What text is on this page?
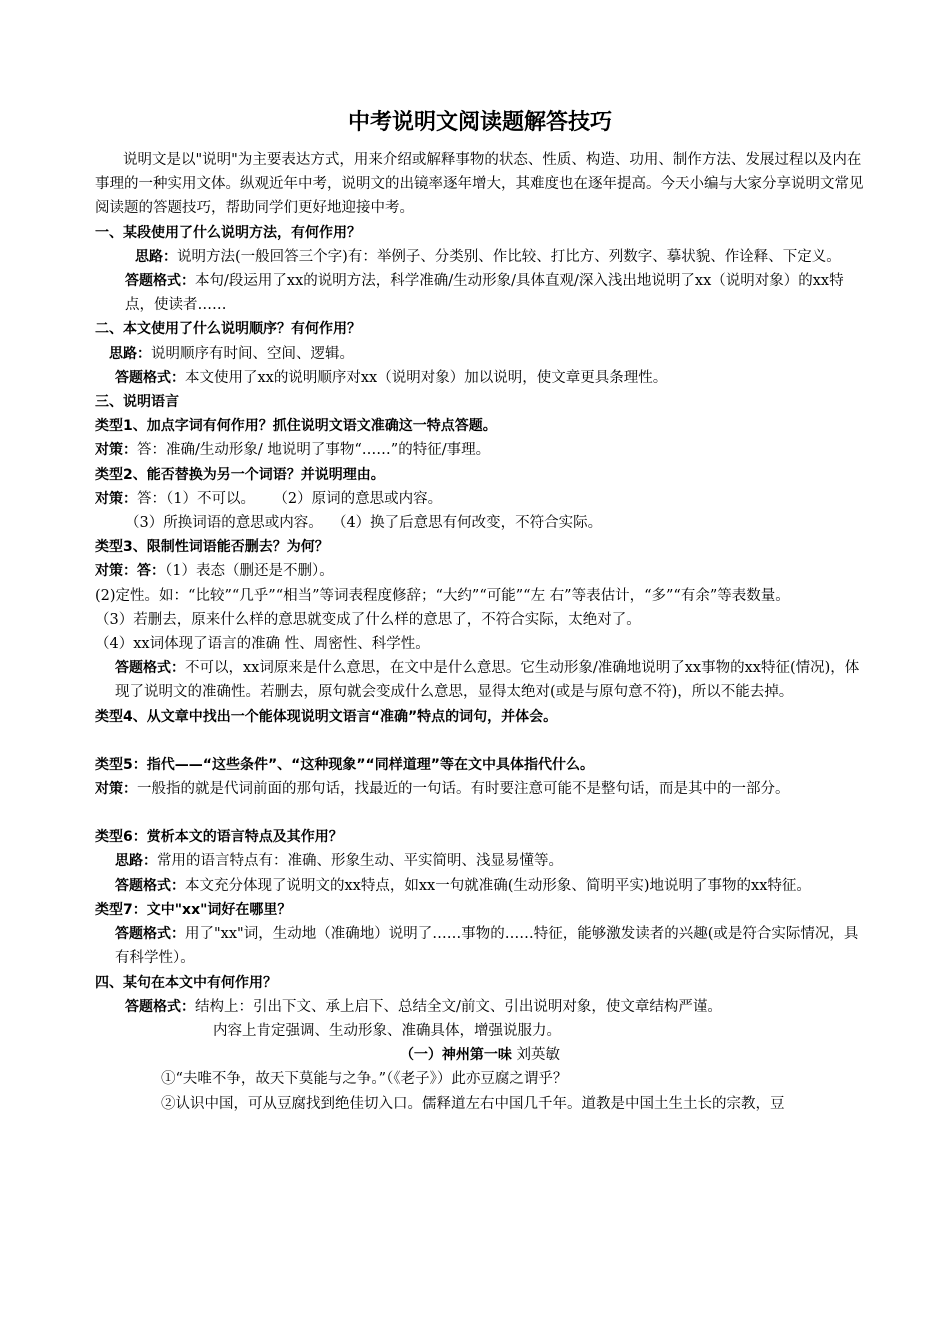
中考说明文阅读题解答技巧

说明文是以"说明"为主要表达方式，用来介绍或解释事物的状态、性质、构造、功用、制作方法、发展过程以及内在事理的一种实用文体。纵观近年中考，说明文的出镜率逐年增大，其难度也在逐年提高。今天小编与大家分享说明文常见阅读题的答题技巧，帮助同学们更好地迎接中考。

一、某段使用了什么说明方法，有何作用？

思路：说明方法(一般回答三个字)有：举例子、分类别、作比较、打比方、列数字、摹状貌、作诠释、下定义。

答题格式：本句/段运用了xx的说明方法，科学准确/生动形象/具体直观/深入浅出地说明了xx（说明对象）的xx特点，使读者……

二、本文使用了什么说明顺序？有何作用？

思路：说明顺序有时间、空间、逻辑。

答题格式：本文使用了xx的说明顺序对xx（说明对象）加以说明，使文章更具条理性。

三、说明语言

类型1、加点字词有何作用？抓住说明文语文准确这一特点答题。

对策：答：准确/生动形象/ 地说明了事物“……”的特征/事理。

类型2、能否替换为另一个词语？并说明理由。

对策：答：（1）不可以。    （2）原词的意思或内容。

（3）所换词语的意思或内容。  （4）换了后意思有何改变，不符合实际。

类型3、限制性词语能否删去？为何？

对策：答：（1）表态（删还是不删）。

(2)定性。如：“比较”“几乎”“相当”等词表程度修辞；“大约”“可能”“左 右”等表估计，“多”“有余”等表数量。

（3）若删去，原来什么样的意思就变成了什么样的意思了，不符合实际，太绝对了。

（4）xx词体现了语言的准确 性、周密性、科学性。

答题格式：不可以，xx词原来是什么意思，在文中是什么意思。它生动形象/准确地说明了xx事物的xx特征(情况)，体现了说明文的准确性。若删去，原句就会变成什么意思，显得太绝对(或是与原句意不符)，所以不能去掉。

类型4、从文章中找出一个能体现说明文语言“准确”特点的词句，并体会。

类型5：指代——“这些条件”、“这种现象”“同样道理”等在文中具体指代什么。

对策：一般指的就是代词前面的那句话，找最近的一句话。有时要注意可能不是整句话，而是其中的一部分。

类型6：赏析本文的语言特点及其作用？

思路：常用的语言特点有：准确、形象生动、平实简明、浅显易懂等。

答题格式：本文充分体现了说明文的xx特点，如xx一句就准确(生动形象、简明平实)地说明了事物的xx特征。

类型7：文中"xx"词好在哪里？

答题格式：用了"xx"词，生动地（准确地）说明了……事物的……特征，能够激发读者的兴趣(或是符合实际情况，具有科学性）。

四、某句在本文中有何作用？

答题格式：结构上：引出下文、承上启下、总结全文/前文、引出说明对象，使文章结构严谨。

内容上肯定强调、生动形象、准确具体，增强说服力。

（一）神州第一味 刘英敏

①“夫唯不争，故天下莫能与之争。”（《老子》）此亦豆腐之谓乎？

②认识中国，可从豆腐找到绝佳切入口。儒释道左右中国几千年。道教是中国土生土长的宗教，豆
